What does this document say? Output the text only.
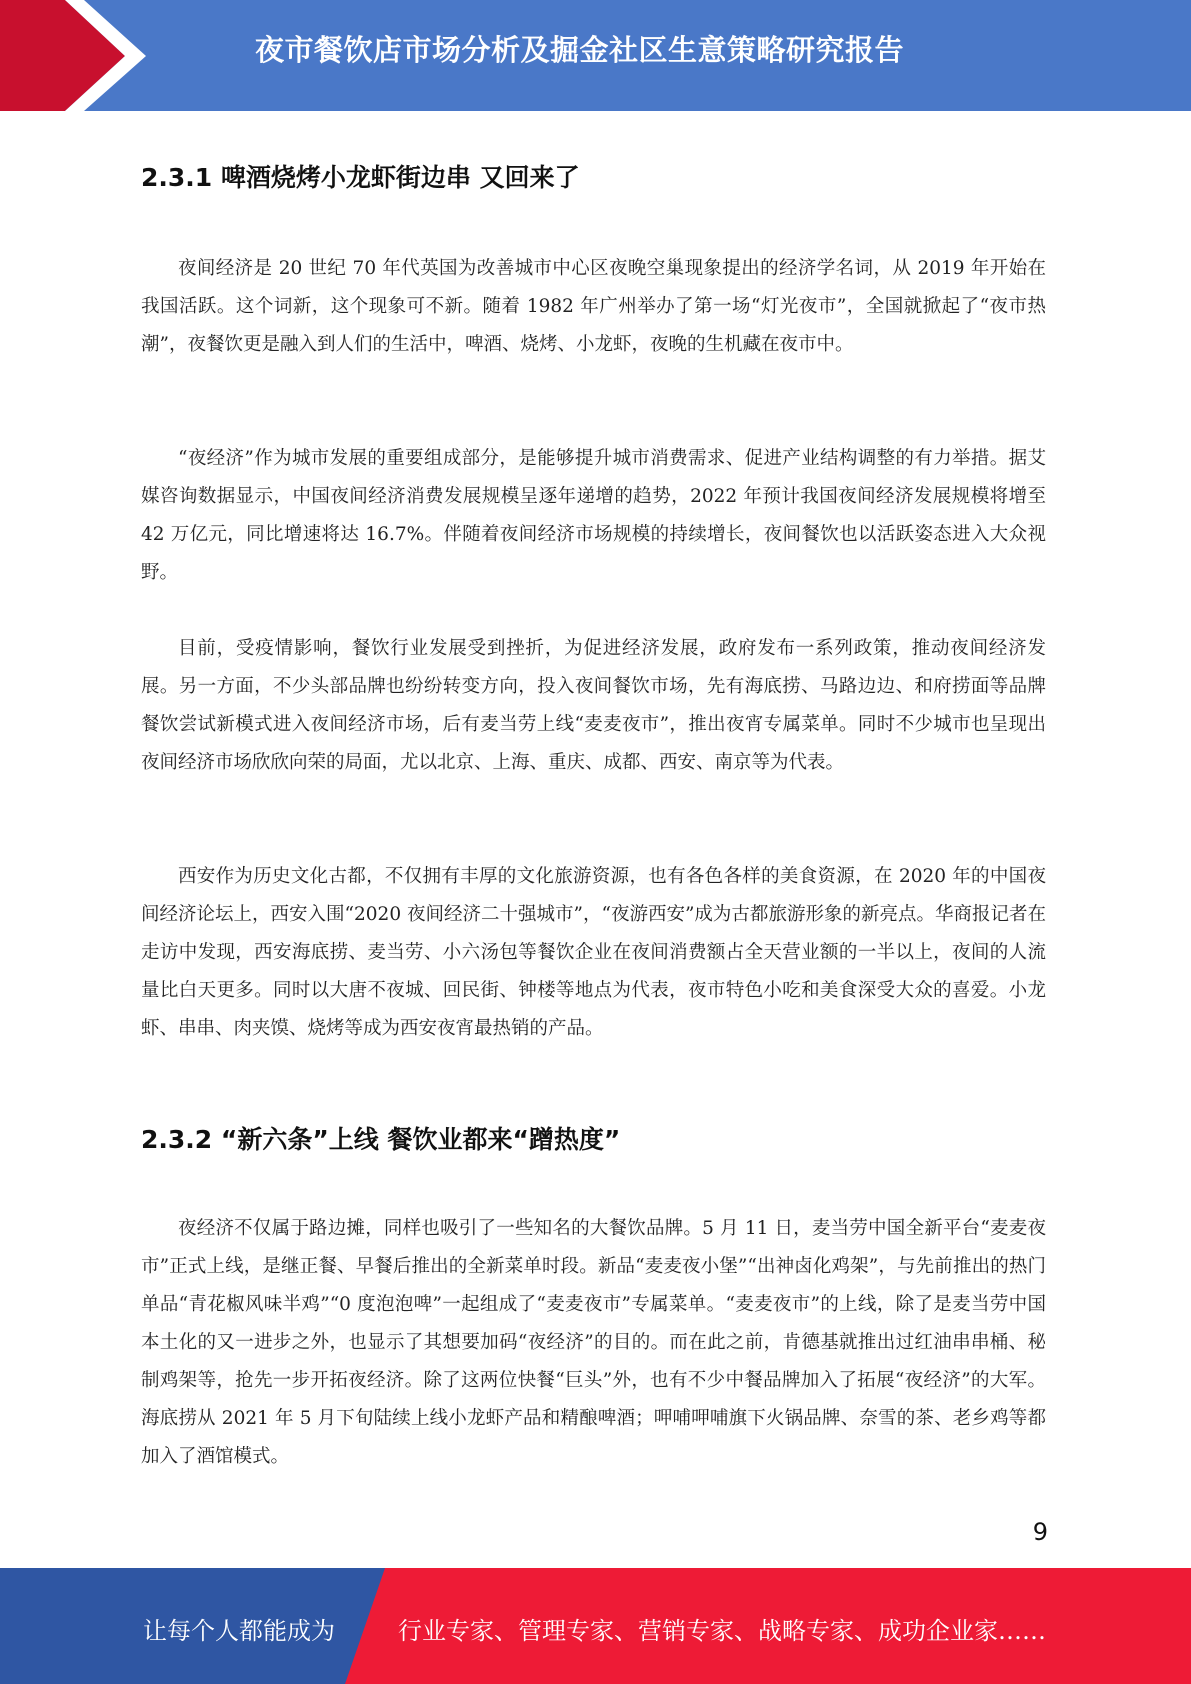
夜市餐饮店市场分析及掘金社区生意策略研究报告
2.3.1 啤酒烧烤小龙虾街边串 又回来了

夜间经济是 20 世纪 70 年代英国为改善城市中心区夜晚空巢现象提出的经济学名词，从 2019 年开始在我国活跃。这个词新，这个现象可不新。随着 1982 年广州举办了第一场“灯光夜市”，全国就掀起了“夜市热潮”，夜餐饮更是融入到人们的生活中，啤酒、烧烤、小龙虾，夜晚的生机藏在夜市中。

“夜经济”作为城市发展的重要组成部分，是能够提升城市消费需求、促进产业结构调整的有力举措。据艾媒咨询数据显示，中国夜间经济消费发展规模呈逐年递增的趋势，2022 年预计我国夜间经济发展规模将增至 42 万亿元，同比增速将达 16.7%。伴随着夜间经济市场规模的持续增长，夜间餐饮也以活跃姿态进入大众视野。

目前，受疫情影响，餐饮行业发展受到挫折，为促进经济发展，政府发布一系列政策，推动夜间经济发展。另一方面，不少头部品牌也纷纷转变方向，投入夜间餐饮市场，先有海底捞、马路边边、和府捞面等品牌餐饮尝试新模式进入夜间经济市场，后有麦当劳上线“麦麦夜市”，推出夜宵专属菜单。同时不少城市也呈现出夜间经济市场欣欣向荣的局面，尤以北京、上海、重庆、成都、西安、南京等为代表。

西安作为历史文化古都，不仅拥有丰厚的文化旅游资源，也有各色各样的美食资源，在 2020 年的中国夜间经济论坛上，西安入围“2020 夜间经济二十强城市”，“夜游西安”成为古都旅游形象的新亮点。华商报记者在走访中发现，西安海底捞、麦当劳、小六汤包等餐饮企业在夜间消费额占全天营业额的一半以上，夜间的人流量比白天更多。同时以大唐不夜城、回民街、钟楼等地点为代表，夜市特色小吃和美食深受大众的喜爱。小龙虾、串串、肉夹馍、烧烤等成为西安夜宵最热销的产品。

2.3.2 “新六条”上线 餐饮业都来“蹭热度”

夜经济不仅属于路边摊，同样也吸引了一些知名的大餐饮品牌。5 月 11 日，麦当劳中国全新平台“麦麦夜市”正式上线，是继正餐、早餐后推出的全新菜单时段。新品“麦麦夜小堡”“出神卤化鸡架”，与先前推出的热门单品“青花椒风味半鸡”“0 度泡泡啤”一起组成了“麦麦夜市”专属菜单。“麦麦夜市”的上线，除了是麦当劳中国本土化的又一进步之外，也显示了其想要加码“夜经济”的目的。而在此之前，肯德基就推出过红油串串桶、秘制鸡架等，抢先一步开拓夜经济。除了这两位快餐“巨头”外，也有不少中餐品牌加入了拓展“夜经济”的大军。海底捞从 2021 年 5 月下旬陆续上线小龙虾产品和精酿啤酒；呷哺呷哺旗下火锅品牌、奈雪的茶、老乡鸡等都加入了酒馆模式。

9
让每个人都能成为	行业专家、管理专家、营销专家、战略专家、成功企业家……
